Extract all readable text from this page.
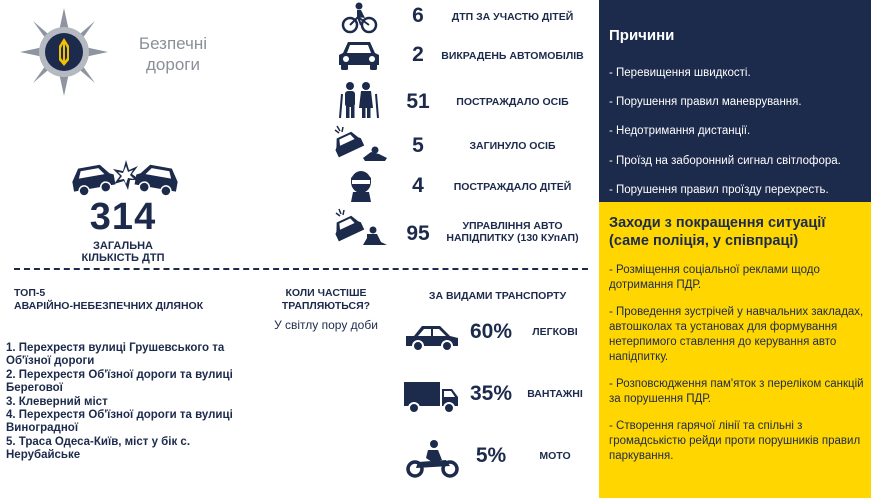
Безпечні
дороги
6	ДТП ЗА УЧАСТЮ ДІТЕЙ
2	ВИКРАДЕНЬ АВТОМОБІЛІВ
51	ПОСТРАЖДАЛО ОСІБ
5	ЗАГИНУЛО ОСІБ
4	ПОСТРАЖДАЛО ДІТЕЙ
95	УПРАВЛІННЯ АВТО НАПІДПИТКУ (130 КУпАП)
314
ЗАГАЛЬНА
КІЛЬКІСТЬ ДТП
ТОП-5
АВАРІЙНО-НЕБЕЗПЕЧНИХ ДІЛЯНОК
1. Перехрестя вулиці Грушевського та Об'їзної дороги
2. Перехрестя Об'їзної дороги та вулиці Берегової
3. Клеверний міст
4. Перехрестя Об'їзної дороги та вулиці Виноградної
5. Траса Одеса-Київ, міст у бік с. Нерубайське
КОЛИ ЧАСТІШЕ
ТРАПЛЯЮТЬСЯ?
У світлу пору доби
ЗА ВИДАМИ ТРАНСПОРТУ
60%	ЛЕГКОВІ
35%	ВАНТАЖНІ
5%	МОТО
Причини
- Перевищення швидкості.
- Порушення правил маневрування.
- Недотримання дистанції.
- Проїзд на заборонний сигнал світлофора.
- Порушення правил проїзду перехресть.
Заходи з покращення ситуації (саме поліція, у співпраці)
- Розміщення соціальної реклами щодо дотримання ПДР.
- Проведення зустрічей у навчальних закладах, автошколах та установах для формування нетерпимого ставлення до керування авто напідпитку.
- Розповсюдження пам'яток з переліком санкцій за порушення ПДР.
- Створення гарячої лінії та спільні з громадськістю рейди проти порушників правил паркування.
